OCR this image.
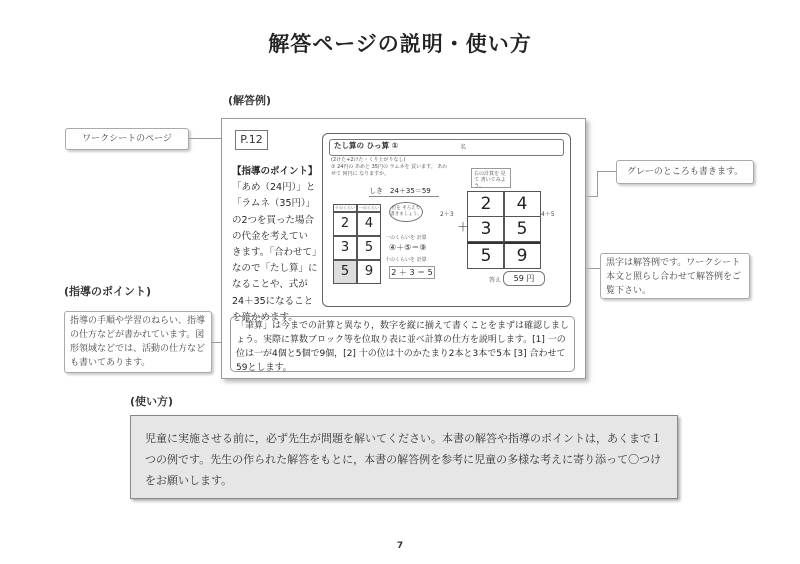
解答ページの説明・使い方
(解答例)
ワークシートのページ
グレーのところも書きます。
黒字は解答例です。ワークシート本文と照らし合わせて解答例をご覧下さい。
(指導のポイント)
指導の手順や学習のねらい、指導の仕方などが書かれています。図形領域などでは、活動の仕方なども書いてあります。
P.12
【指導のポイント】
「あめ（24円）」と
「ラムネ（35円）」
の2つを買った場合
の代金を考えてい
きます。「合わせて」
なので「たし算」に
なることや、式が
24＋35になること
を確かめます。
たし算の ひっ算 ①	名
(2けた+2けた・くり上がりなし)
① 24円の あめと 35円の ラムネを 買います。 あわせて 何円に なりますか。
しき　24＋35＝59
十のくらい	一のくらい
2	4
3	5
5	9
位を そろえて 書きましょう。
一のくらいを 計算
④＋⑤＝⑨
十のくらいを 計算
2 ＋ 3 ＝ 5
右の計算を 見て 書いてみよう。
2＋3	4＋5
2	4
3	5
5	9
＋
答え	59 円
「筆算」は今までの計算と異なり，数字を縦に揃えて書くことをまずは確認しましょう。実際に算数ブロック等を位取り表に並べ計算の仕方を説明します。[1] 一の位は一が4個と5個で9個，[2] 十の位は十のかたまり2本と3本で5本 [3] 合わせて59とします。
(使い方)
児童に実施させる前に，必ず先生が問題を解いてください。本書の解答や指導のポイントは，あくまで１つの例です。先生の作られた解答をもとに，本書の解答例を参考に児童の多様な考えに寄り添って〇つけをお願いします。
7
